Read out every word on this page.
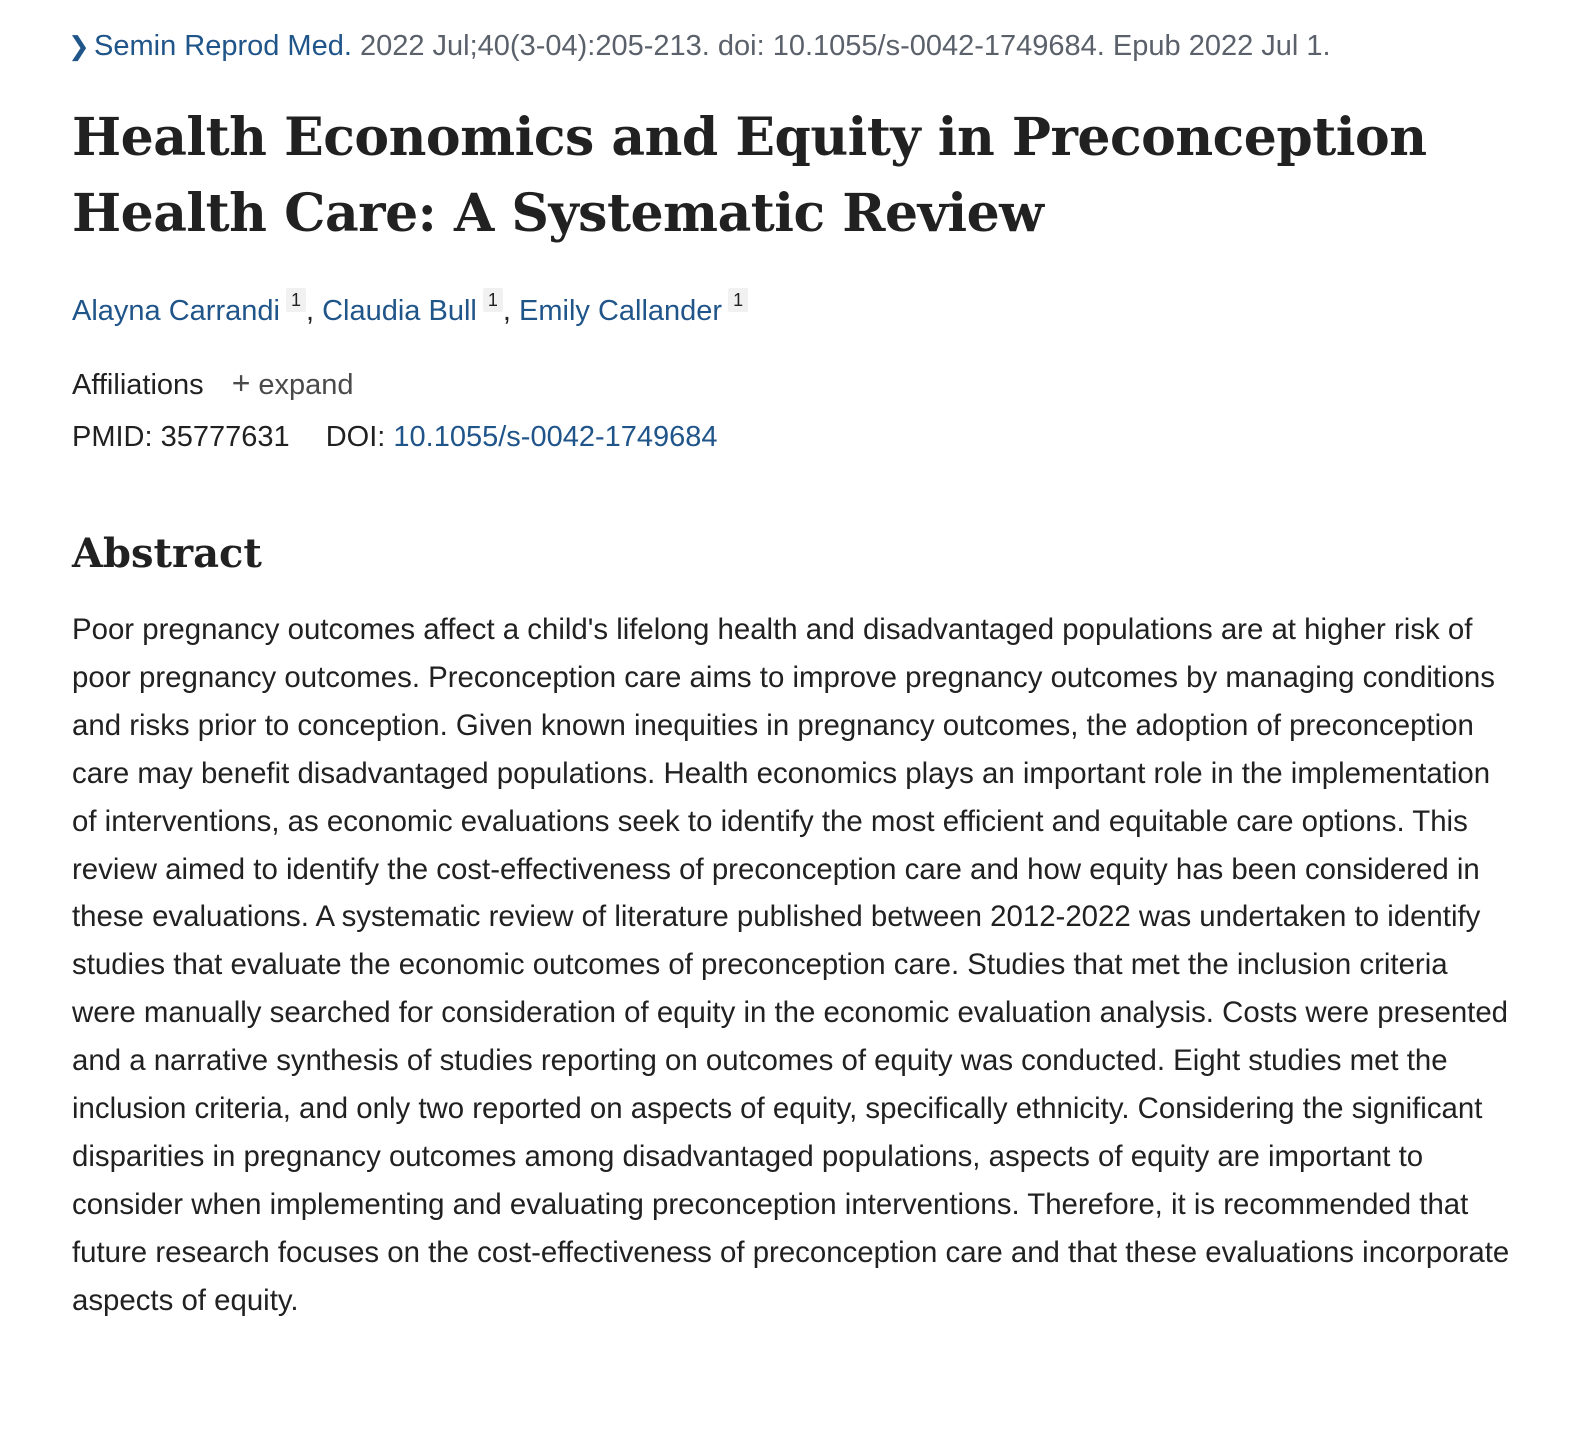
❯ Semin Reprod Med. 2022 Jul;40(3-04):205-213. doi: 10.1055/s-0042-1749684. Epub 2022 Jul 1.
Health Economics and Equity in Preconception Health Care: A Systematic Review
Alayna Carrandi 1 , Claudia Bull 1 , Emily Callander 1
Affiliations + expand
PMID: 35777631 DOI: 10.1055/s-0042-1749684
Abstract

Poor pregnancy outcomes affect a child's lifelong health and disadvantaged populations are at higher risk of poor pregnancy outcomes. Preconception care aims to improve pregnancy outcomes by managing conditions and risks prior to conception. Given known inequities in pregnancy outcomes, the adoption of preconception care may benefit disadvantaged populations. Health economics plays an important role in the implementation of interventions, as economic evaluations seek to identify the most efficient and equitable care options. This review aimed to identify the cost-effectiveness of preconception care and how equity has been considered in these evaluations. A systematic review of literature published between 2012-2022 was undertaken to identify studies that evaluate the economic outcomes of preconception care. Studies that met the inclusion criteria were manually searched for consideration of equity in the economic evaluation analysis. Costs were presented and a narrative synthesis of studies reporting on outcomes of equity was conducted. Eight studies met the inclusion criteria, and only two reported on aspects of equity, specifically ethnicity. Considering the significant disparities in pregnancy outcomes among disadvantaged populations, aspects of equity are important to consider when implementing and evaluating preconception interventions. Therefore, it is recommended that future research focuses on the cost-effectiveness of preconception care and that these evaluations incorporate aspects of equity.
